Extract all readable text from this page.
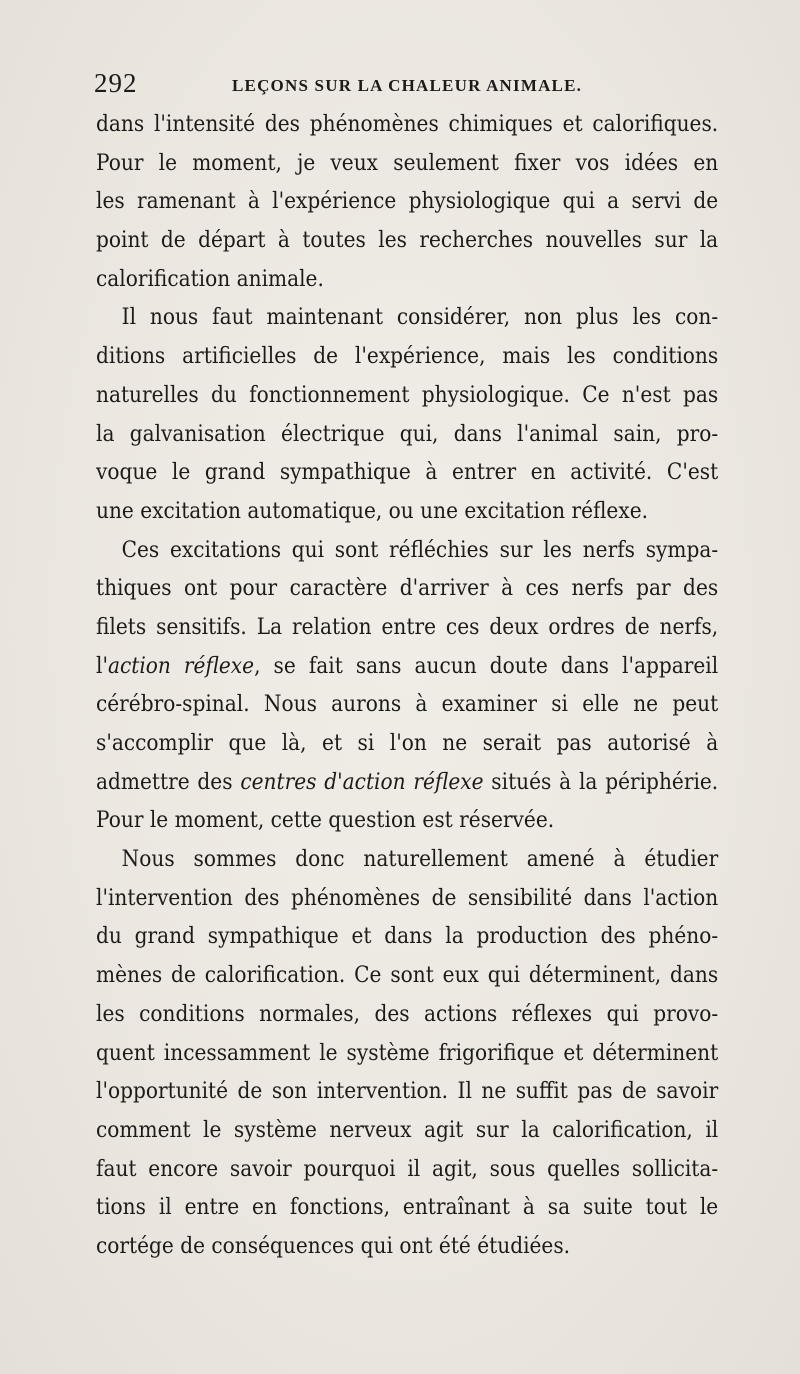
292	LEÇONS SUR LA CHALEUR ANIMALE.
dans l'intensité des phénomènes chimiques et calorifiques.
Pour le moment, je veux seulement fixer vos idées en
les ramenant à l'expérience physiologique qui a servi de
point de départ à toutes les recherches nouvelles sur la
calorification animale.
Il nous faut maintenant considérer, non plus les con-
ditions artificielles de l'expérience, mais les conditions
naturelles du fonctionnement physiologique. Ce n'est pas
la galvanisation électrique qui, dans l'animal sain, pro-
voque le grand sympathique à entrer en activité. C'est
une excitation automatique, ou une excitation réflexe.
Ces excitations qui sont réfléchies sur les nerfs sympa-
thiques ont pour caractère d'arriver à ces nerfs par des
filets sensitifs. La relation entre ces deux ordres de nerfs,
l'action réflexe, se fait sans aucun doute dans l'appareil
cérébro-spinal. Nous aurons à examiner si elle ne peut
s'accomplir que là, et si l'on ne serait pas autorisé à
admettre des centres d'action réflexe situés à la périphérie.
Pour le moment, cette question est réservée.
Nous sommes donc naturellement amené à étudier
l'intervention des phénomènes de sensibilité dans l'action
du grand sympathique et dans la production des phéno-
mènes de calorification. Ce sont eux qui déterminent, dans
les conditions normales, des actions réflexes qui provo-
quent incessamment le système frigorifique et déterminent
l'opportunité de son intervention. Il ne suffit pas de savoir
comment le système nerveux agit sur la calorification, il
faut encore savoir pourquoi il agit, sous quelles sollicita-
tions il entre en fonctions, entraînant à sa suite tout le
cortége de conséquences qui ont été étudiées.
